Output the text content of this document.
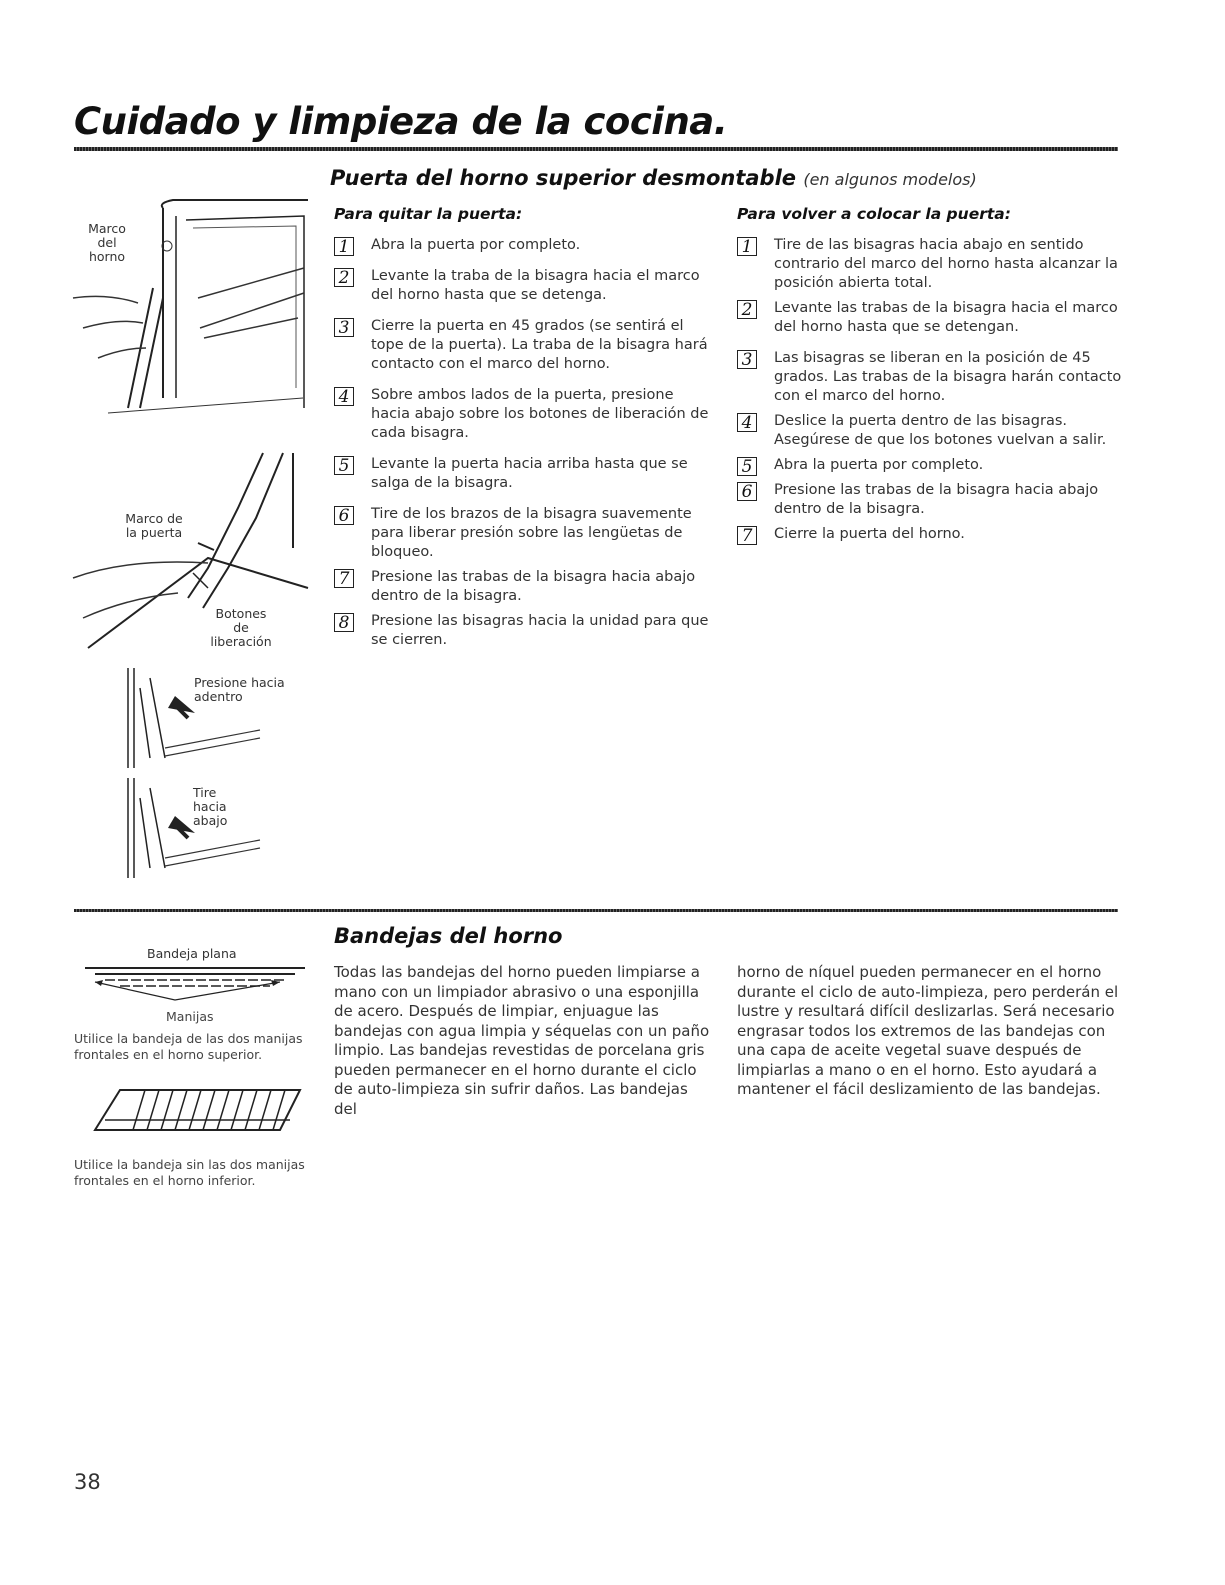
Cuidado y limpieza de la cocina.
Puerta del horno superior desmontable (en algunos modelos)
Para quitar la puerta:
1	Abra la puerta por completo.
2	Levante la traba de la bisagra hacia el marco del horno hasta que se detenga.
3	Cierre la puerta en 45 grados (se sentirá el tope de la puerta). La traba de la bisagra hará contacto con el marco del horno.
4	Sobre ambos lados de la puerta, presione hacia abajo sobre los botones de liberación de cada bisagra.
5	Levante la puerta hacia arriba hasta que se salga de la bisagra.
6	Tire de los brazos de la bisagra suavemente para liberar presión sobre las lengüetas de bloqueo.
7	Presione las trabas de la bisagra hacia abajo dentro de la bisagra.
8	Presione las bisagras hacia la unidad para que se cierren.
Para volver a colocar la puerta:
1	Tire de las bisagras hacia abajo en sentido contrario del marco del horno hasta alcanzar la posición abierta total.
2	Levante las trabas de la bisagra hacia el marco del horno hasta que se detengan.
3	Las bisagras se liberan en la posición de 45 grados. Las trabas de la bisagra harán contacto con el marco del horno.
4	Deslice la puerta dentro de las bisagras. Asegúrese de que los botones vuelvan a salir.
5	Abra la puerta por completo.
6	Presione las trabas de la bisagra hacia abajo dentro de la bisagra.
7	Cierre la puerta del horno.
Marco del horno
Marco de la puerta
Botones de liberación
Presione hacia adentro
Tire hacia abajo
Bandejas del horno
Todas las bandejas del horno pueden limpiarse a mano con un limpiador abrasivo o una esponjilla de acero. Después de limpiar, enjuague las bandejas con agua limpia y séquelas con un paño limpio. Las bandejas revestidas de porcelana gris pueden permanecer en el horno durante el ciclo de auto-limpieza sin sufrir daños. Las bandejas del
horno de níquel pueden permanecer en el horno durante el ciclo de auto-limpieza, pero perderán el lustre y resultará difícil deslizarlas. Será necesario engrasar todos los extremos de las bandejas con una capa de aceite vegetal suave después de limpiarlas a mano o en el horno. Esto ayudará a mantener el fácil deslizamiento de las bandejas.
Bandeja plana
Manijas
Utilice la bandeja de las dos manijas frontales en el horno superior.
Utilice la bandeja sin las dos manijas frontales en el horno inferior.
38
